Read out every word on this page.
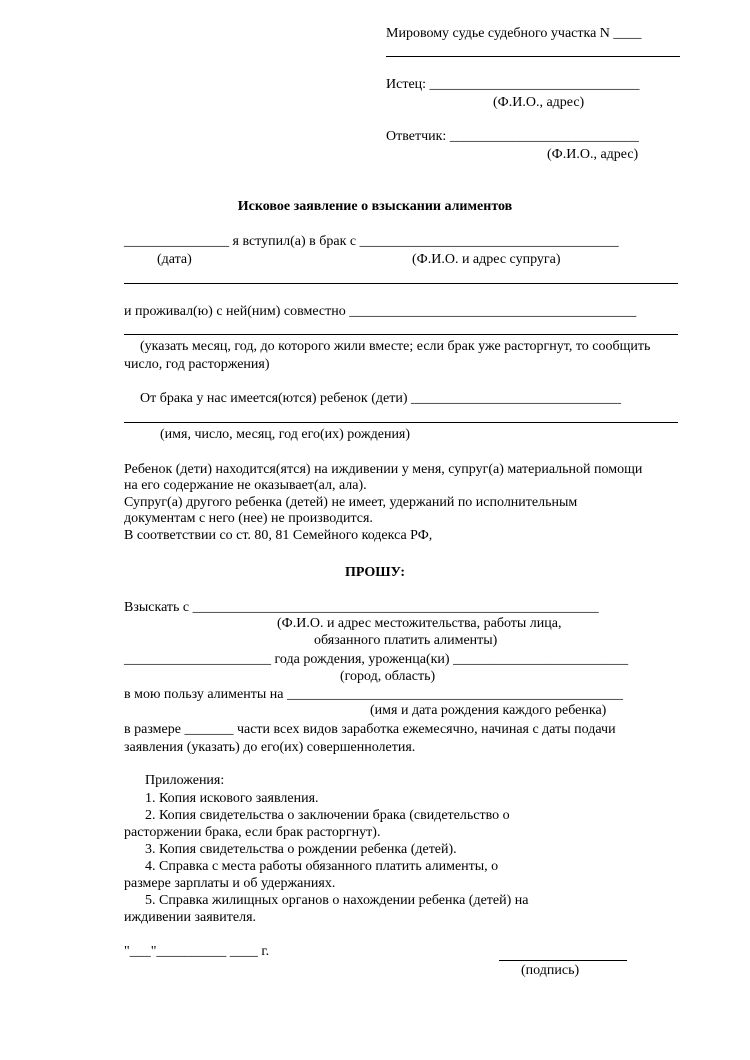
Мировому судье судебного участка N ____
Истец: ______________________________
(Ф.И.О., адрес)
Ответчик: ___________________________
(Ф.И.О., адрес)
Исковое заявление о взыскании алиментов
_______________ я вступил(а) в брак с _____________________________________
(дата)	(Ф.И.О. и адрес супруга)
и проживал(ю) с ней(ним) совместно _________________________________________
(указать месяц, год, до которого жили вместе; если брак уже расторгнут, то сообщить
число, год расторжения)
От брака у нас имеется(ются) ребенок (дети) ______________________________
(имя, число, месяц, год его(их) рождения)
Ребенок (дети) находится(ятся) на иждивении у меня, супруг(а) материальной помощи
на его содержание не оказывает(ал, ала).
Супруг(а) другого ребенка (детей) не имеет, удержаний по исполнительным
документам с него (нее) не производится.
В соответствии со ст. 80, 81 Семейного кодекса РФ,
ПРОШУ:
Взыскать с __________________________________________________________
(Ф.И.О. и адрес местожительства, работы лица,
обязанного платить алименты)
_____________________ года рождения, уроженца(ки) _________________________
(город, область)
в мою пользу алименты на ________________________________________________
(имя и дата рождения каждого ребенка)
в размере _______ части всех видов заработка ежемесячно, начиная с даты подачи
заявления (указать) до его(их) совершеннолетия.
Приложения:
1. Копия искового заявления.
2. Копия свидетельства о заключении брака (свидетельство о
расторжении брака, если брак расторгнут).
3. Копия свидетельства о рождении ребенка (детей).
4. Справка с места работы обязанного платить алименты, о
размере зарплаты и об удержаниях.
5. Справка жилищных органов о нахождении ребенка (детей) на
иждивении заявителя.
"___"__________ ____ г.
(подпись)
